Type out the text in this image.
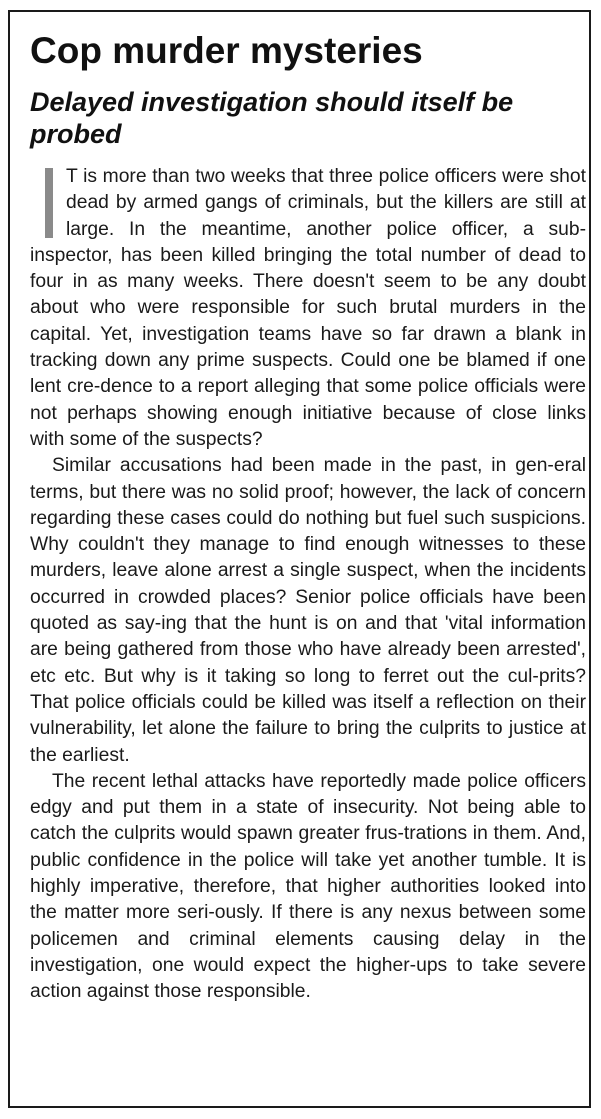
Cop murder mysteries
Delayed investigation should itself be probed

T is more than two weeks that three police officers were shot dead by armed gangs of criminals, but the killers are still at large. In the meantime, another police officer, a sub-inspector, has been killed bringing the total number of dead to four in as many weeks. There doesn't seem to be any doubt about who were responsible for such brutal murders in the capital. Yet, investigation teams have so far drawn a blank in tracking down any prime suspects. Could one be blamed if one lent cre-dence to a report alleging that some police officials were not perhaps showing enough initiative because of close links with some of the suspects?

Similar accusations had been made in the past, in gen-eral terms, but there was no solid proof; however, the lack of concern regarding these cases could do nothing but fuel such suspicions. Why couldn't they manage to find enough witnesses to these murders, leave alone arrest a single suspect, when the incidents occurred in crowded places? Senior police officials have been quoted as say-ing that the hunt is on and that 'vital information are being gathered from those who have already been arrested', etc etc. But why is it taking so long to ferret out the cul-prits? That police officials could be killed was itself a reflection on their vulnerability, let alone the failure to bring the culprits to justice at the earliest.

The recent lethal attacks have reportedly made police officers edgy and put them in a state of insecurity. Not being able to catch the culprits would spawn greater frus-trations in them. And, public confidence in the police will take yet another tumble. It is highly imperative, therefore, that higher authorities looked into the matter more seri-ously. If there is any nexus between some policemen and criminal elements causing delay in the investigation, one would expect the higher-ups to take severe action against those responsible.
